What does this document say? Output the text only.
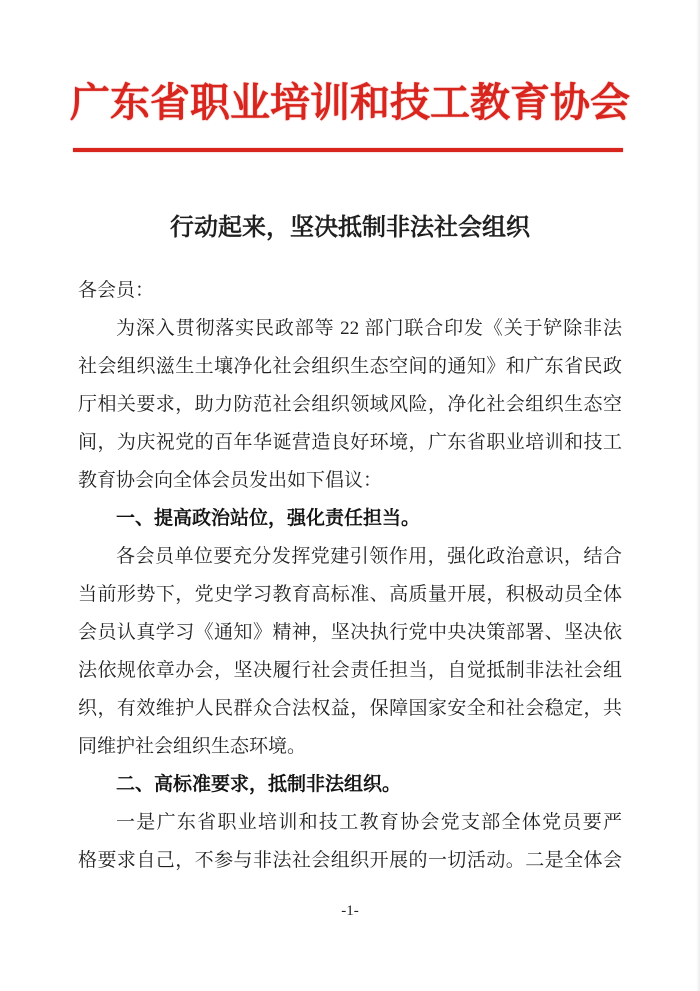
广东省职业培训和技工教育协会
行动起来，坚决抵制非法社会组织
各会员：
为深入贯彻落实民政部等 22 部门联合印发《关于铲除非法
社会组织滋生土壤净化社会组织生态空间的通知》和广东省民政
厅相关要求，助力防范社会组织领域风险，净化社会组织生态空
间，为庆祝党的百年华诞营造良好环境，广东省职业培训和技工
教育协会向全体会员发出如下倡议：
一、提高政治站位，强化责任担当。
各会员单位要充分发挥党建引领作用，强化政治意识，结合
当前形势下，党史学习教育高标准、高质量开展，积极动员全体
会员认真学习《通知》精神，坚决执行党中央决策部署、坚决依
法依规依章办会，坚决履行社会责任担当，自觉抵制非法社会组
织，有效维护人民群众合法权益，保障国家安全和社会稳定，共
同维护社会组织生态环境。
二、高标准要求，抵制非法组织。
一是广东省职业培训和技工教育协会党支部全体党员要严
格要求自己，不参与非法社会组织开展的一切活动。二是全体会
-1-
